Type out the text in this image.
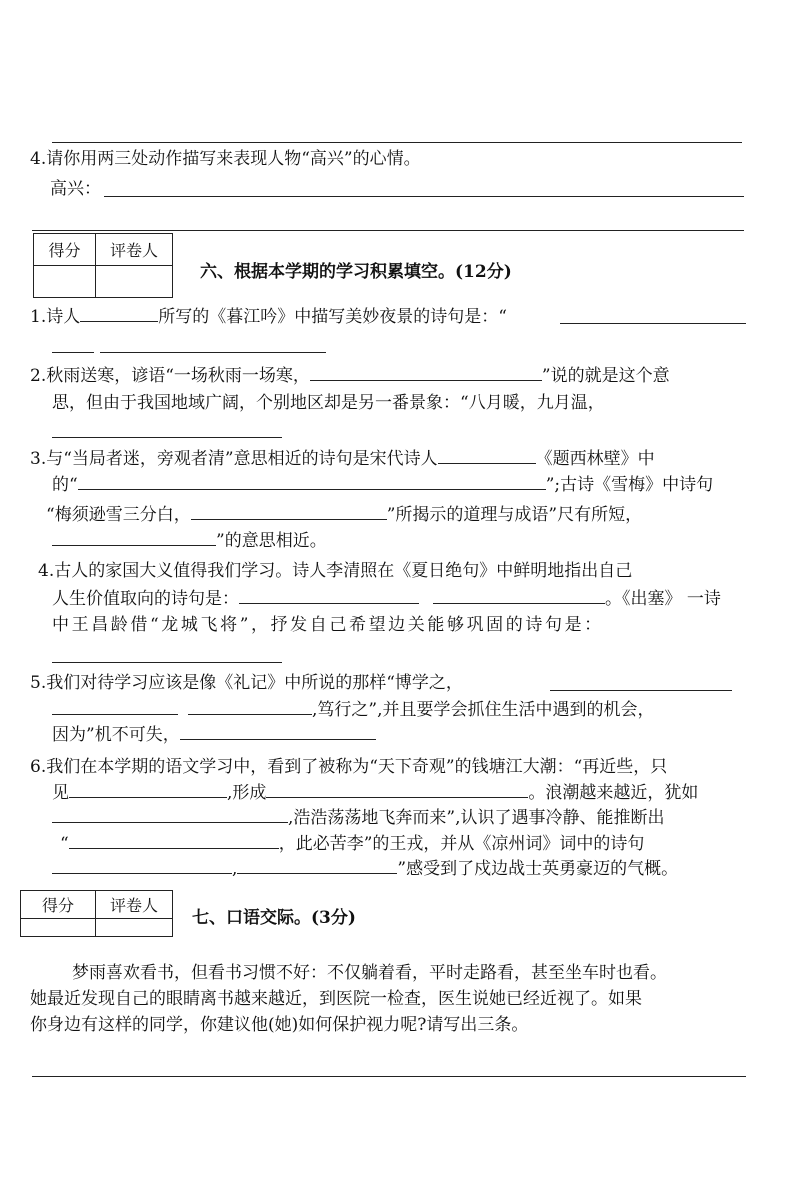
4.请你用两三处动作描写来表现人物“高兴”的心情。
高兴：
得分	评卷人

六、根据本学期的学习积累填空。(12分)
1.诗人	所写的《暮江吟》中描写美妙夜景的诗句是：“
2.秋雨送寒，谚语“一场秋雨一场寒，	”说的就是这个意
思，但由于我国地域广阔，个别地区却是另一番景象：“八月暖，九月温，
3.与“当局者迷，旁观者清”意思相近的诗句是宋代诗人	《题西林壁》中
的“	”;古诗《雪梅》中诗句
“梅须逊雪三分白，	”所揭示的道理与成语”尺有所短，
”的意思相近。
4.古人的家国大义值得我们学习。诗人李清照在《夏日绝句》中鲜明地指出自己
人生价值取向的诗句是：	。《出塞》 一诗
中王昌龄借“龙城飞将”，抒发自己希望边关能够巩固的诗句是：
5.我们对待学习应该是像《礼记》中所说的那样“博学之，
,笃行之”,并且要学会抓住生活中遇到的机会，
因为”机不可失，
6.我们在本学期的语文学习中，看到了被称为“天下奇观”的钱塘江大潮：“再近些，只
见	,形成	。浪潮越来越近，犹如
,浩浩荡荡地飞奔而来”,认识了遇事冷静、能推断出
“	，此必苦李”的王戎，并从《凉州词》词中的诗句
,	”感受到了戍边战士英勇豪迈的气概。
得分	评卷人

七、口语交际。(3分)
梦雨喜欢看书，但看书习惯不好：不仅躺着看，平时走路看，甚至坐车时也看。
她最近发现自己的眼睛离书越来越近，到医院一检查，医生说她已经近视了。如果
你身边有这样的同学，你建议他(她)如何保护视力呢?请写出三条。
